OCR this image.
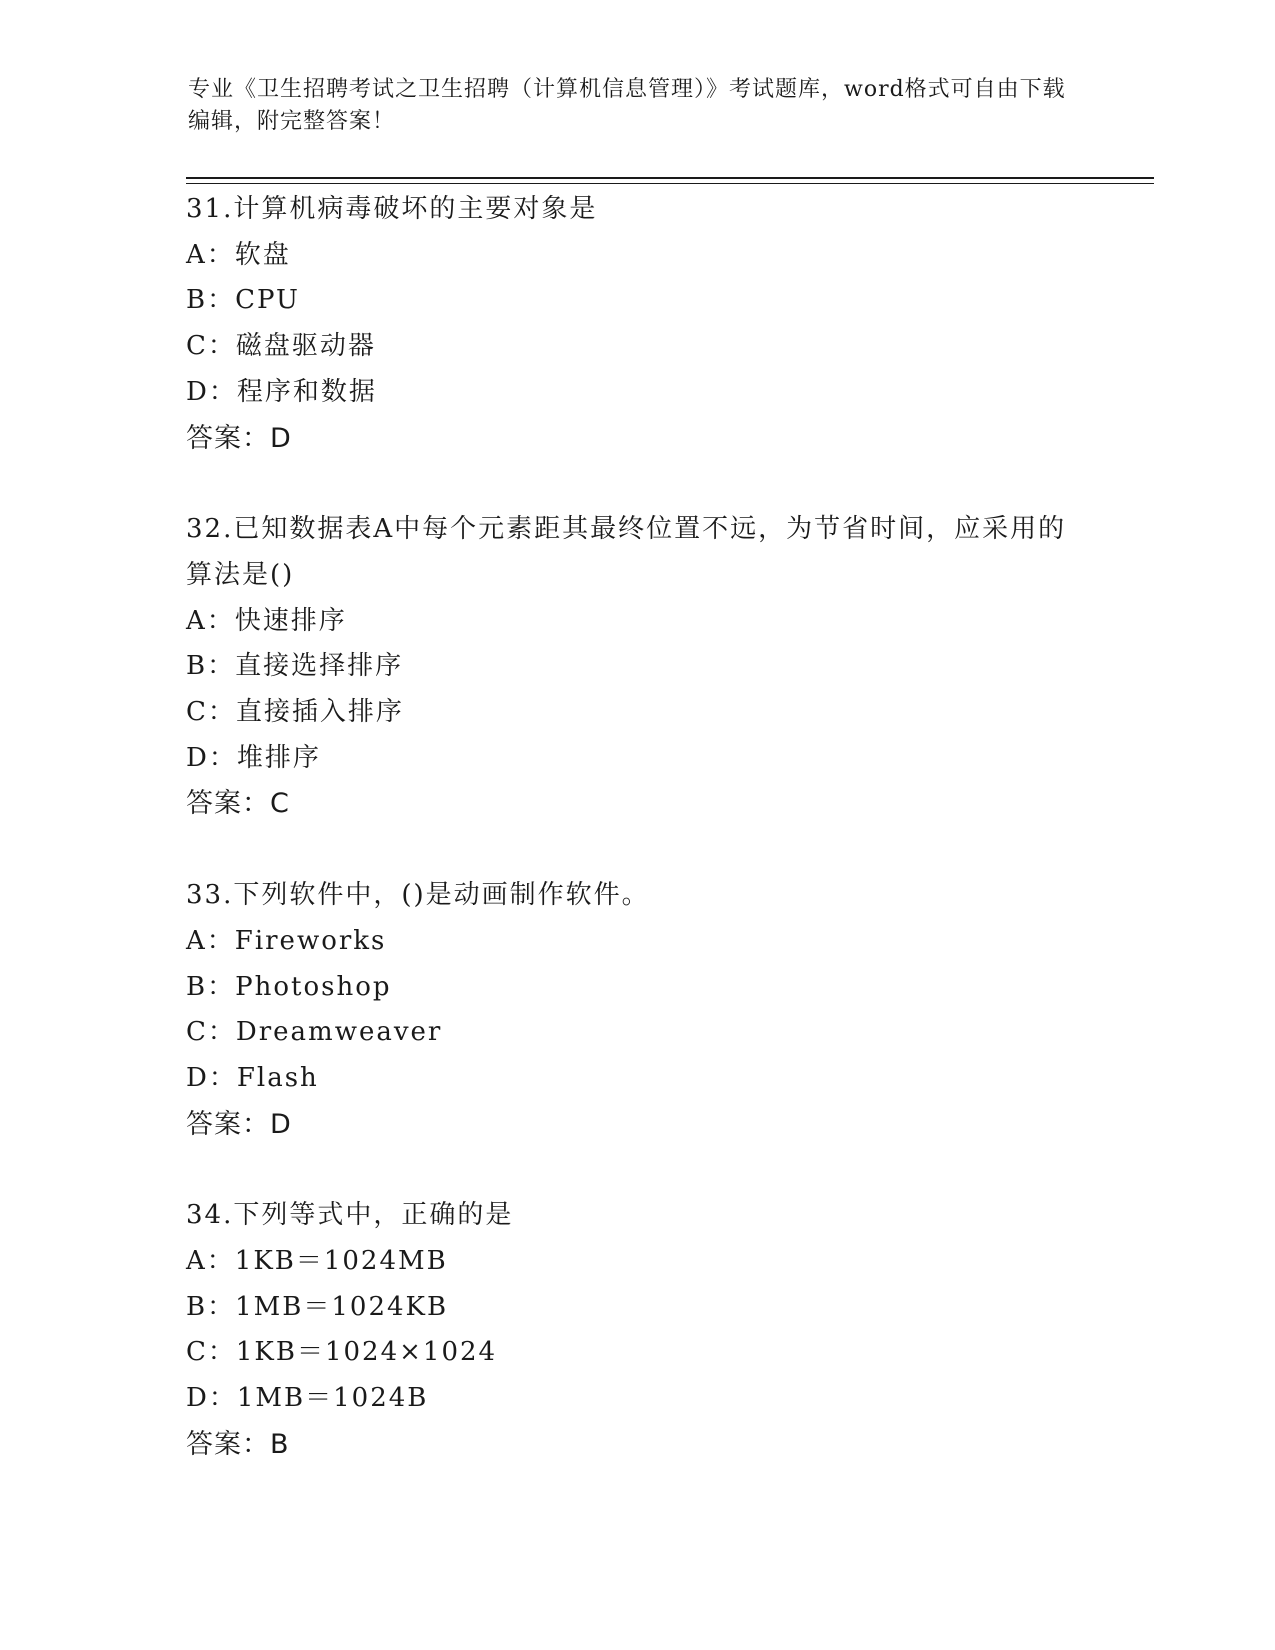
专业《卫生招聘考试之卫生招聘（计算机信息管理）》考试题库，word格式可自由下载编辑，附完整答案！
31.计算机病毒破坏的主要对象是
A：软盘
B：CPU
C：磁盘驱动器
D：程序和数据
答案：D
32.已知数据表A中每个元素距其最终位置不远，为节省时间，应采用的算法是()
A：快速排序
B：直接选择排序
C：直接插入排序
D：堆排序
答案：C
33.下列软件中，()是动画制作软件。
A：Fireworks
B：Photoshop
C：Dreamweaver
D：Flash
答案：D
34.下列等式中，正确的是
A：1KB＝1024MB
B：1MB＝1024KB
C：1KB＝1024×1024
D：1MB＝1024B
答案：B
